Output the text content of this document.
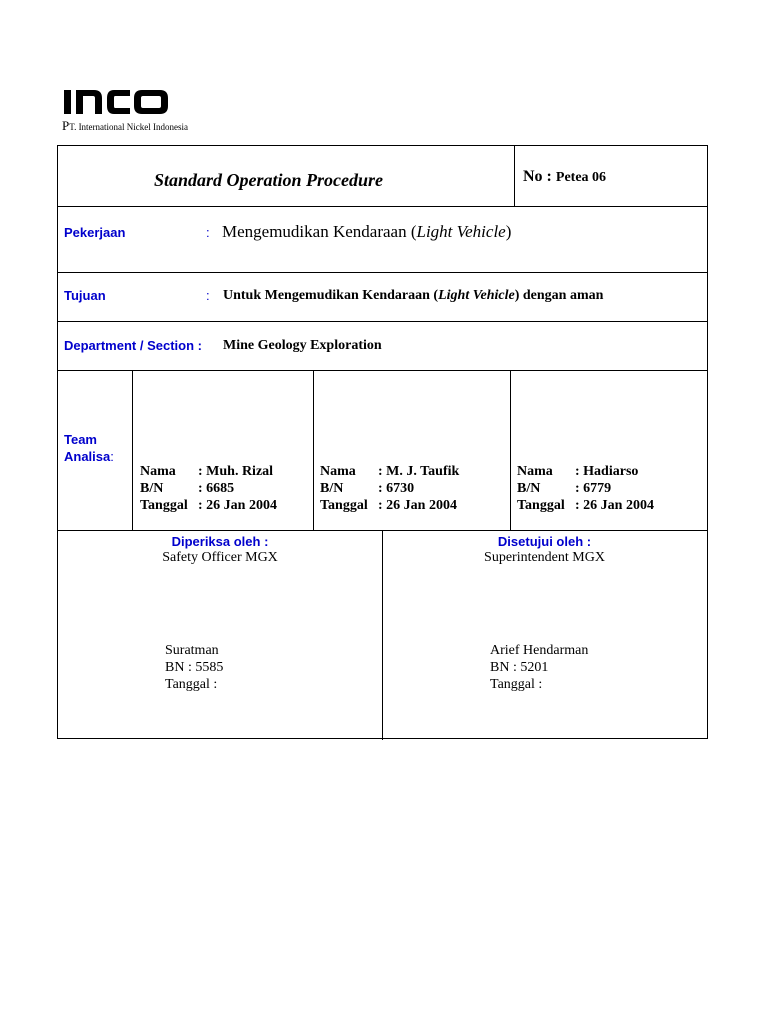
PT. International Nickel Indonesia
Standard Operation Procedure	No : Petea 06
Pekerjaan	: Mengemudikan Kendaraan (Light Vehicle)
Tujuan	: Untuk Mengemudikan Kendaraan (Light Vehicle) dengan aman
Department / Section : Mine Geology Exploration
Team
Analisa:
Nama : Muh. Rizal
B/N : 6685
Tanggal : 26 Jan 2004
Nama : M. J. Taufik
B/N : 6730
Tanggal : 26 Jan 2004
Nama : Hadiarso
B/N : 6779
Tanggal : 26 Jan 2004
Diperiksa oleh :
Safety Officer MGX
Suratman
BN : 5585
Tanggal :
Disetujui oleh :
Superintendent MGX
Arief Hendarman
BN : 5201
Tanggal :
